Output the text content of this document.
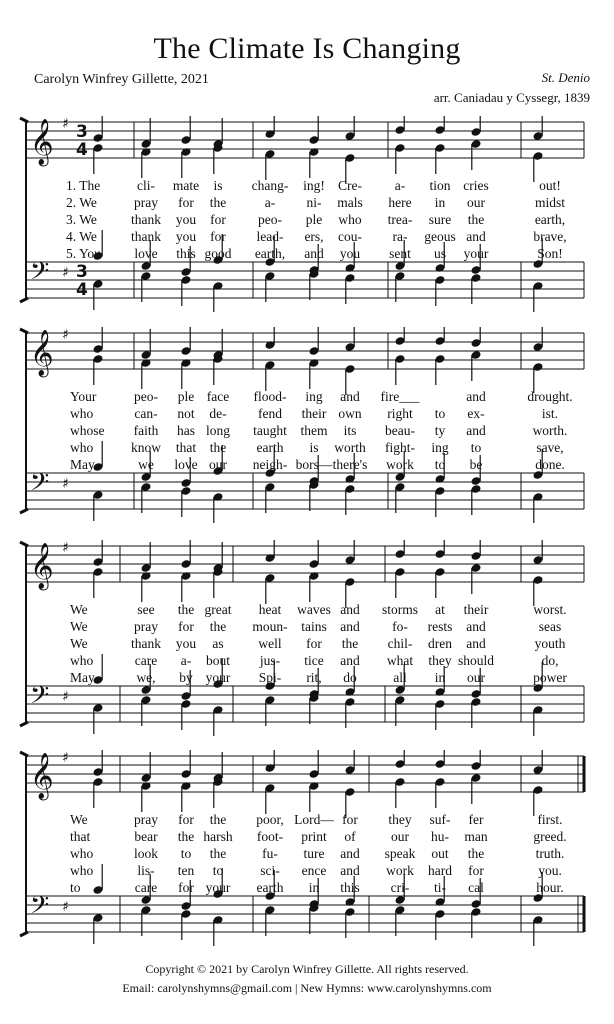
The Climate Is Changing
Carolyn Winfrey Gillette, 2021	St. Denio
arr. Caniadau y Cyssegr, 1839
𝄞 ♯ 3
4
𝄢 ♯ 3
4
1. The	cli- mate is chang- ing! Cre- a- tion cries	out!
2. We	pray for the	a- ni- mals here in our	midst
3. We	thank you for peo- ple who trea- sure the	earth,
4. We	thank you for lead- ers, cou- ra- geous and	brave,
5. You love this good earth, and you sent us your	Son!
𝄞 ♯
𝄢 ♯
Your	peo- ple face flood- ing and fire___	and	drought.
who	can- not de- fend their own right to ex-	ist.
whose faith has long taught them its beau- ty and	worth.
who	know that the earth is worth fight- ing to	save,
May	we love our neigh- bors— there's work to be	done.
𝄞 ♯
𝄢 ♯
We	see the great heat waves and storms at their	worst.
We	pray for the moun- tains and fo- rests and	seas
We	thank you as	well for the chil- dren and	youth
who	care a- bout jus- tice and what they should	do,
May	we, by your Spi- rit, do	all in our	power
𝄞 ♯
𝄢 ♯
We	pray for the poor, Lord— for they suf- fer	first.
that	bear the harsh foot- print of	our hu- man	greed.
who	look to the	fu- ture and speak out the	truth.
who	lis- ten to	sci- ence and work hard for	you.
to	care for your earth in this cri- ti- cal	hour.
Copyright © 2021 by Carolyn Winfrey Gillette. All rights reserved.
Email: carolynshymns@gmail.com | New Hymns: www.carolynshymns.com
